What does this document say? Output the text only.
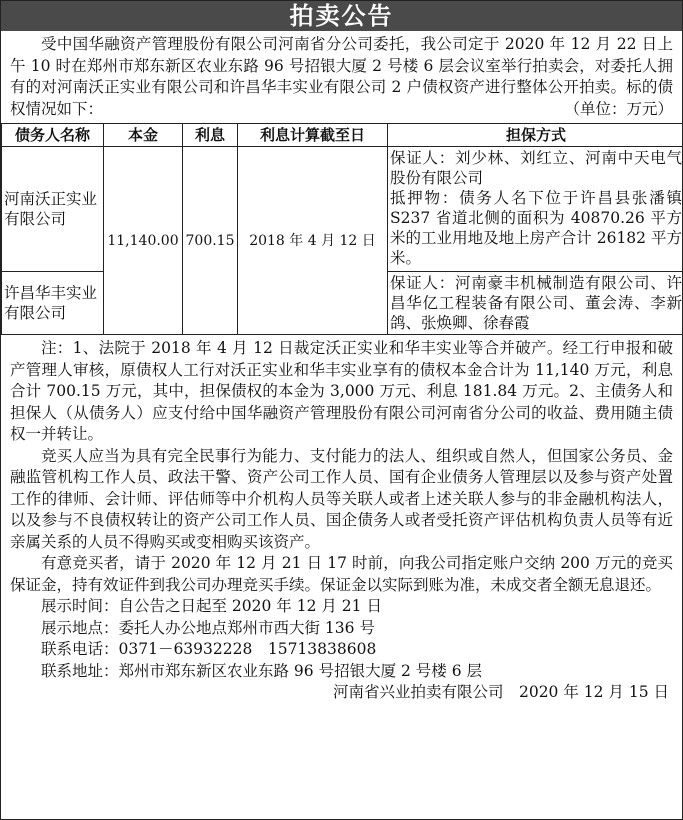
拍卖公告

受中国华融资产管理股份有限公司河南省分公司委托，我公司定于 2020 年 12 月 22 日上午 10 时在郑州市郑东新区农业东路 96 号招银大厦 2 号楼 6 层会议室举行拍卖会，对委托人拥有的对河南沃正实业有限公司和许昌华丰实业有限公司 2 户债权资产进行整体公开拍卖。标的债权情况如下：	（单位：万元）

债务人名称	本金	利息	利息计算截至日	担保方式
河南沃正实业有限公司	11,140.00	700.15	2018 年 4 月 12 日	保证人：刘少林、刘红立、河南中天电气股份有限公司
抵押物：债务人名下位于许昌县张潘镇 S237 省道北侧的面积为 40870.26 平方米的工业用地及地上房产合计 26182 平方米。

许昌华丰实业有限公司				保证人：河南豪丰机械制造有限公司、许昌华亿工程装备有限公司、董会涛、李新鸽、张焕卿、徐春霞

注：1、法院于 2018 年 4 月 12 日裁定沃正实业和华丰实业等合并破产。经工行申报和破产管理人审核，原债权人工行对沃正实业和华丰实业享有的债权本金合计为 11,140 万元，利息合计 700.15 万元，其中，担保债权的本金为 3,000 万元、利息 181.84 万元。2、主债务人和担保人（从债务人）应支付给中国华融资产管理股份有限公司河南省分公司的收益、费用随主债权一并转让。

竞买人应当为具有完全民事行为能力、支付能力的法人、组织或自然人，但国家公务员、金融监管机构工作人员、政法干警、资产公司工作人员、国有企业债务人管理层以及参与资产处置工作的律师、会计师、评估师等中介机构人员等关联人或者上述关联人参与的非金融机构法人，以及参与不良债权转让的资产公司工作人员、国企债务人或者受托资产评估机构负责人员等有近亲属关系的人员不得购买或变相购买该资产。

有意竞买者，请于 2020 年 12 月 21 日 17 时前，向我公司指定账户交纳 200 万元的竞买保证金，持有效证件到我公司办理竞买手续。保证金以实际到账为准，未成交者全额无息退还。

展示时间：自公告之日起至 2020 年 12 月 21 日

展示地点：委托人办公地点郑州市西大街 136 号

联系电话：0371－63932228　15713838608

联系地址：郑州市郑东新区农业东路 96 号招银大厦 2 号楼 6 层

河南省兴业拍卖有限公司　2020 年 12 月 15 日
